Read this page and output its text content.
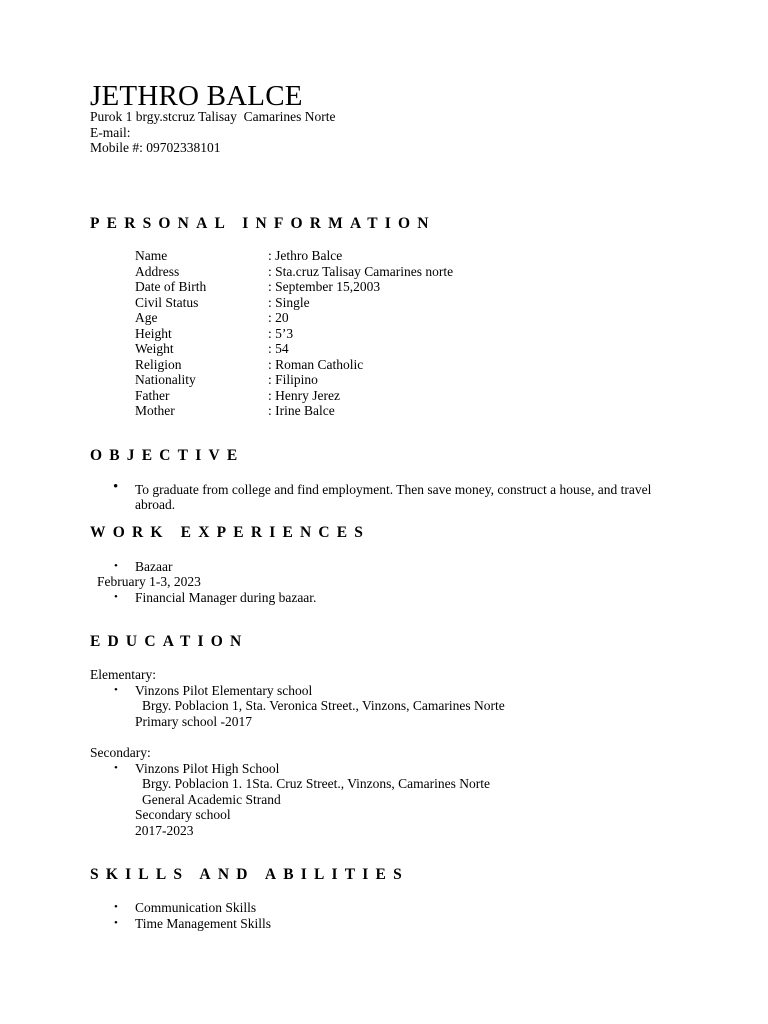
JETHRO BALCE
Purok 1 brgy.stcruz Talisay  Camarines Norte
E-mail:
Mobile #: 09702338101
PERSONAL INFORMATION
Name	: Jethro Balce
Address	: Sta.cruz Talisay Camarines norte
Date of Birth	: September 15,2003
Civil Status	: Single
Age	: 20
Height	: 5’3
Weight	: 54
Religion	: Roman Catholic
Nationality	: Filipino
Father	: Henry Jerez
Mother	: Irine Balce
OBJECTIVE
• To graduate from college and find employment. Then save money, construct a house, and travel
abroad.
WORK EXPERIENCES
• Bazaar
February 1-3, 2023
• Financial Manager during bazaar.
EDUCATION
Elementary:
• Vinzons Pilot Elementary school
Brgy. Poblacion 1, Sta. Veronica Street., Vinzons, Camarines Norte
Primary school -2017
Secondary:
• Vinzons Pilot High School
Brgy. Poblacion 1. 1Sta. Cruz Street., Vinzons, Camarines Norte
General Academic Strand
Secondary school
2017-2023
SKILLS AND ABILITIES
• Communication Skills
• Time Management Skills
